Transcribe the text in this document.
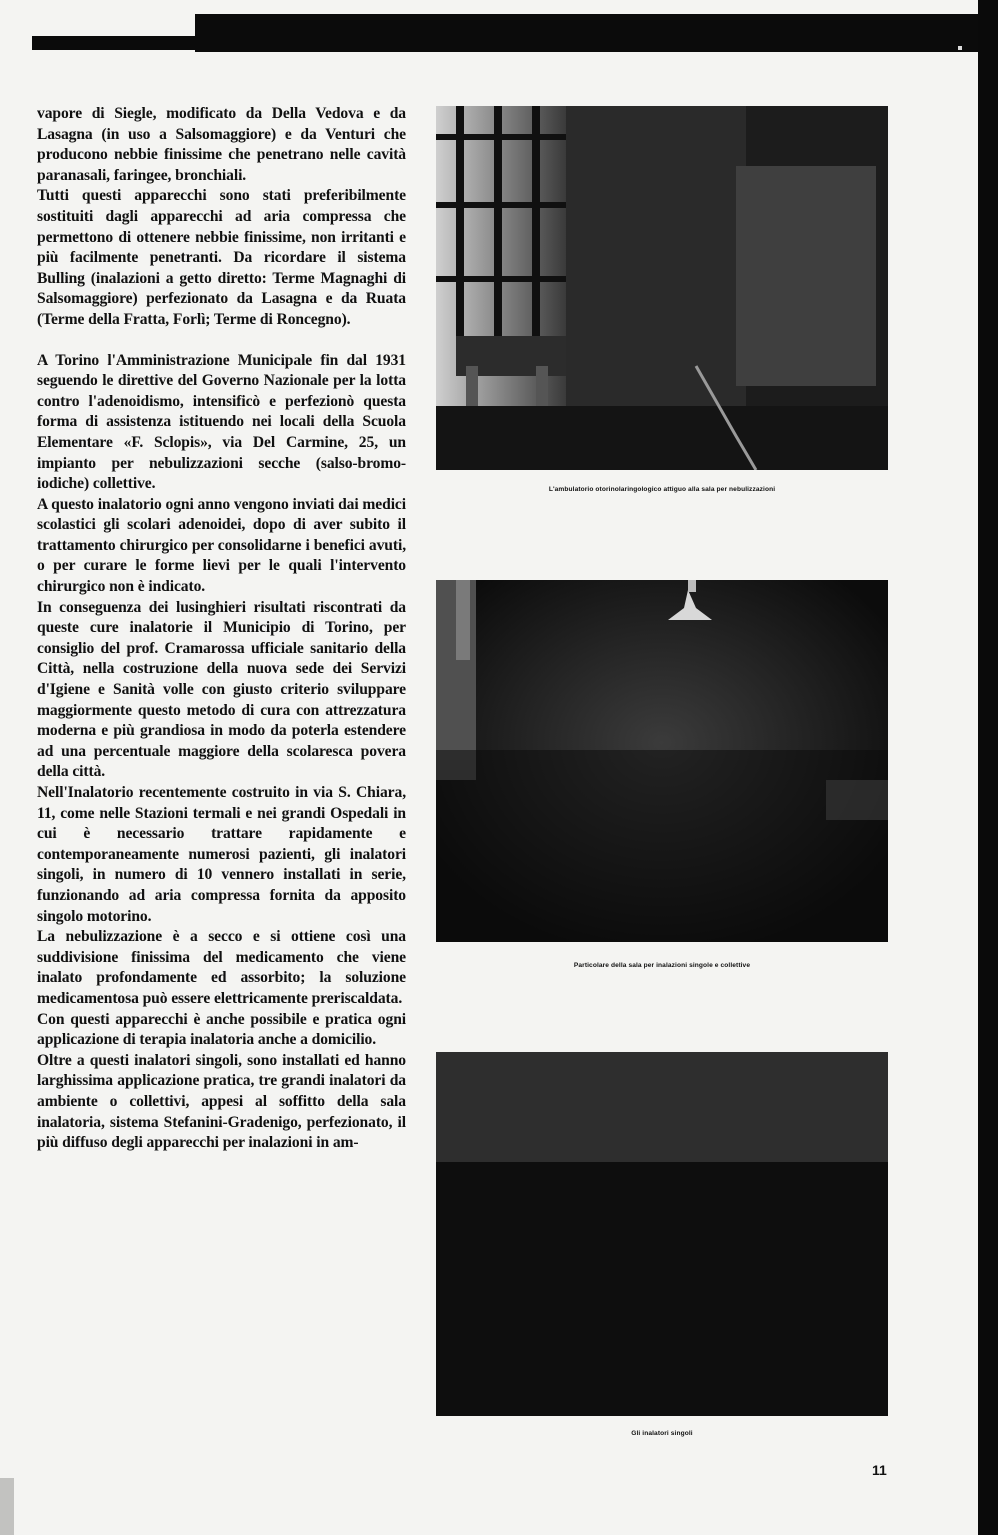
vapore di Siegle, modificato da Della Vedova e da Lasagna (in uso a Salsomaggiore) e da Venturi che producono nebbie finissime che penetrano nelle cavità paranasali, faringee, bronchiali.

Tutti questi apparecchi sono stati preferibilmente sostituiti dagli apparecchi ad aria compressa che permettono di ottenere nebbie finissime, non irritanti e più facilmente penetranti. Da ricordare il sistema Bulling (inalazioni a getto diretto: Terme Magnaghi di Salsomaggiore) perfezionato da Lasagna e da Ruata (Terme della Fratta, Forlì; Terme di Roncegno).

A Torino l'Amministrazione Municipale fin dal 1931 seguendo le direttive del Governo Nazionale per la lotta contro l'adenoidismo, intensificò e perfezionò questa forma di assistenza istituendo nei locali della Scuola Elementare «F. Sclopis», via Del Carmine, 25, un impianto per nebulizzazioni secche (salso-bromo-iodiche) collettive.

A questo inalatorio ogni anno vengono inviati dai medici scolastici gli scolari adenoidei, dopo di aver subito il trattamento chirurgico per consolidarne i benefici avuti, o per curare le forme lievi per le quali l'intervento chirurgico non è indicato.

In conseguenza dei lusinghieri risultati riscontrati da queste cure inalatorie il Municipio di Torino, per consiglio del prof. Cramarossa ufficiale sanitario della Città, nella costruzione della nuova sede dei Servizi d'Igiene e Sanità volle con giusto criterio sviluppare maggiormente questo metodo di cura con attrezzatura moderna e più grandiosa in modo da poterla estendere ad una percentuale maggiore della scolaresca povera della città.

Nell'Inalatorio recentemente costruito in via S. Chiara, 11, come nelle Stazioni termali e nei grandi Ospedali in cui è necessario trattare rapidamente e contemporaneamente numerosi pazienti, gli inalatori singoli, in numero di 10 vennero installati in serie, funzionando ad aria compressa fornita da apposito singolo motorino.

La nebulizzazione è a secco e si ottiene così una suddivisione finissima del medicamento che viene inalato profondamente ed assorbito; la soluzione medicamentosa può essere elettricamente preriscaldata.

Con questi apparecchi è anche possibile e pratica ogni applicazione di terapia inalatoria anche a domicilio.

Oltre a questi inalatori singoli, sono installati ed hanno larghissima applicazione pratica, tre grandi inalatori da ambiente o collettivi, appesi al soffitto della sala inalatoria, sistema Stefanini-Gradenigo, perfezionato, il più diffuso degli apparecchi per inalazioni in am-

L'ambulatorio otorinolaringologico attiguo alla sala per nebulizzazioni
Particolare della sala per inalazioni singole e collettive
Gli inalatori singoli
11
